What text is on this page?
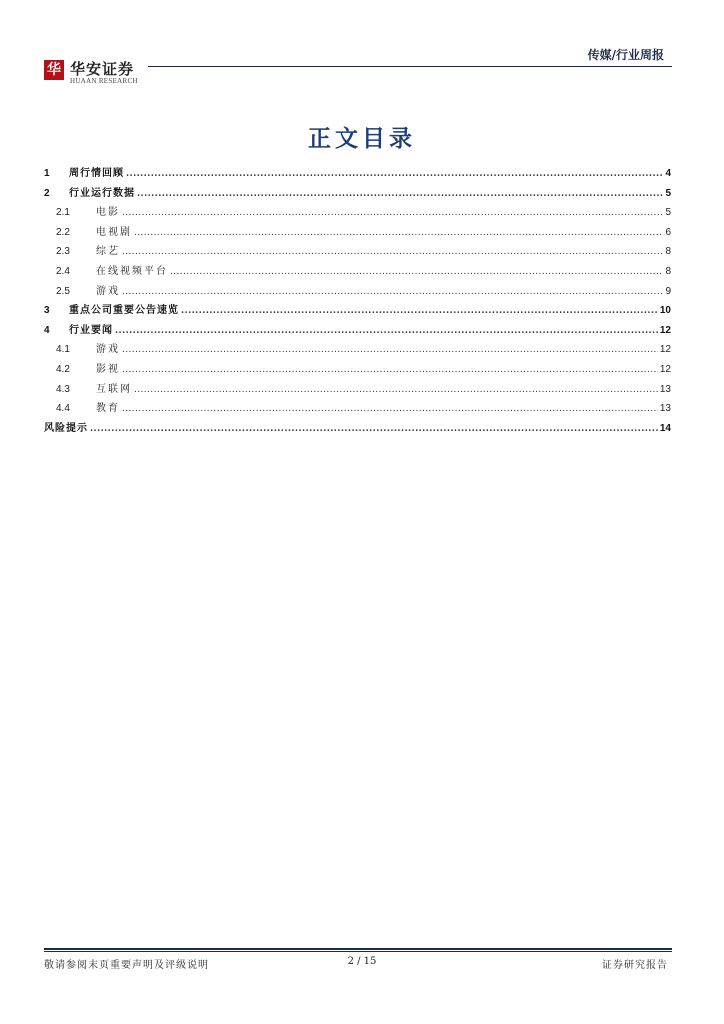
华 华安证券
HUAAN RESEARCH
传媒/行业周报
正文目录
1	周行情回顾 .....	4
2	行业运行数据 .....	5
2.1	电影 .....	5
2.2	电视剧 .....	6
2.3	综艺 .....	8
2.4	在线视频平台 .....	8
2.5	游戏 .....	9
3	重点公司重要公告速览 .....	10
4	行业要闻 .....	12
4.1	游戏 .....	12
4.2	影视 .....	12
4.3	互联网 .....	13
4.4	教育 .....	13
风险提示 .....	14
敬请参阅末页重要声明及评级说明	2 / 15	证券研究报告
